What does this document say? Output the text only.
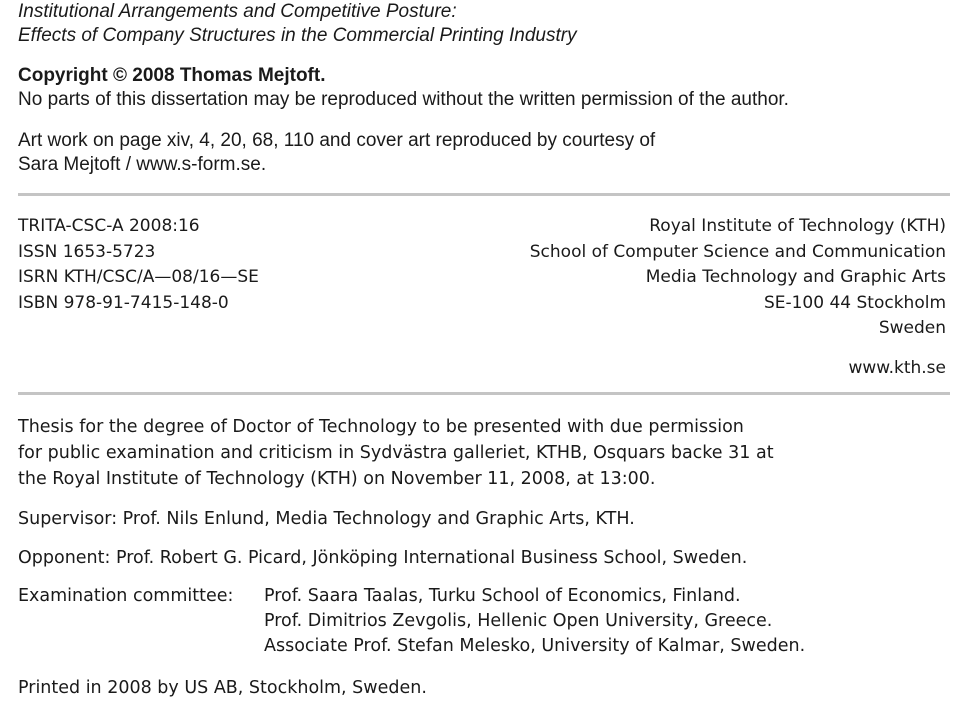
Institutional Arrangements and Competitive Posture:
Effects of Company Structures in the Commercial Printing Industry
Copyright © 2008 Thomas Mejtoft.
No parts of this dissertation may be reproduced without the written permission of the author.
Art work on page xiv, 4, 20, 68, 110 and cover art reproduced by courtesy of
Sara Mejtoft / www.s-form.se.
TRITA-CSC-A 2008:16
ISSN 1653-5723
ISRN KTH/CSC/A—08/16—SE
ISBN 978-91-7415-148-0
Royal Institute of Technology (KTH)
School of Computer Science and Communication
Media Technology and Graphic Arts
SE-100 44 Stockholm
Sweden
www.kth.se
Thesis for the degree of Doctor of Technology to be presented with due permission
for public examination and criticism in Sydvästra galleriet, KTHB, Osquars backe 31 at
the Royal Institute of Technology (KTH) on November 11, 2008, at 13:00.
Supervisor: Prof. Nils Enlund, Media Technology and Graphic Arts, KTH.
Opponent: Prof. Robert G. Picard, Jönköping International Business School, Sweden.
Examination committee:	Prof. Saara Taalas, Turku School of Economics, Finland.
Prof. Dimitrios Zevgolis, Hellenic Open University, Greece.
Associate Prof. Stefan Melesko, University of Kalmar, Sweden.
Printed in 2008 by US AB, Stockholm, Sweden.
